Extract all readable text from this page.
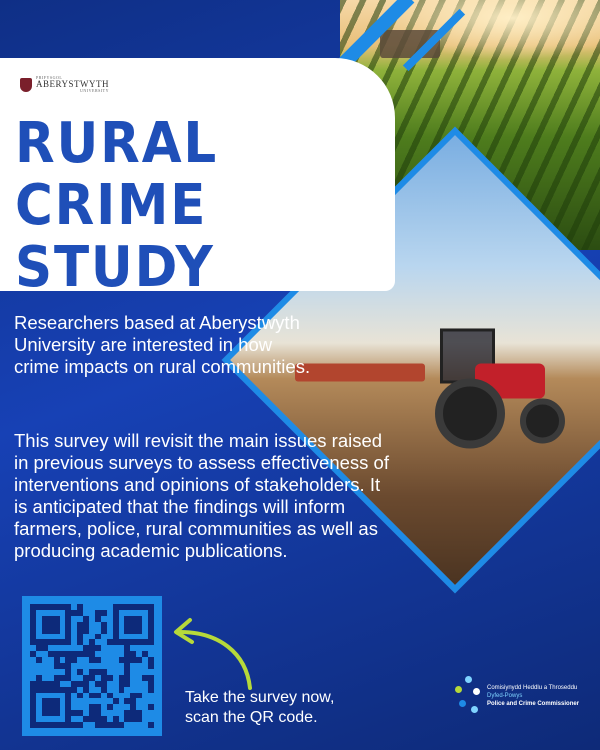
PRIFYSGOL
ABERYSTWYTH
UNIVERSITY
RURAL CRIME
STUDY

Researchers based at Aberystwyth University are interested in how crime impacts on rural communities.

This survey will revisit the main issues raised in previous surveys to assess effectiveness of interventions and opinions of stakeholders. It is anticipated that the findings will inform farmers, police, rural communities as well as producing academic publications.

Take the survey now,
scan the QR code.
Comisiynydd Heddlu a Throseddu
Dyfed-Powys
Police and Crime Commissioner
